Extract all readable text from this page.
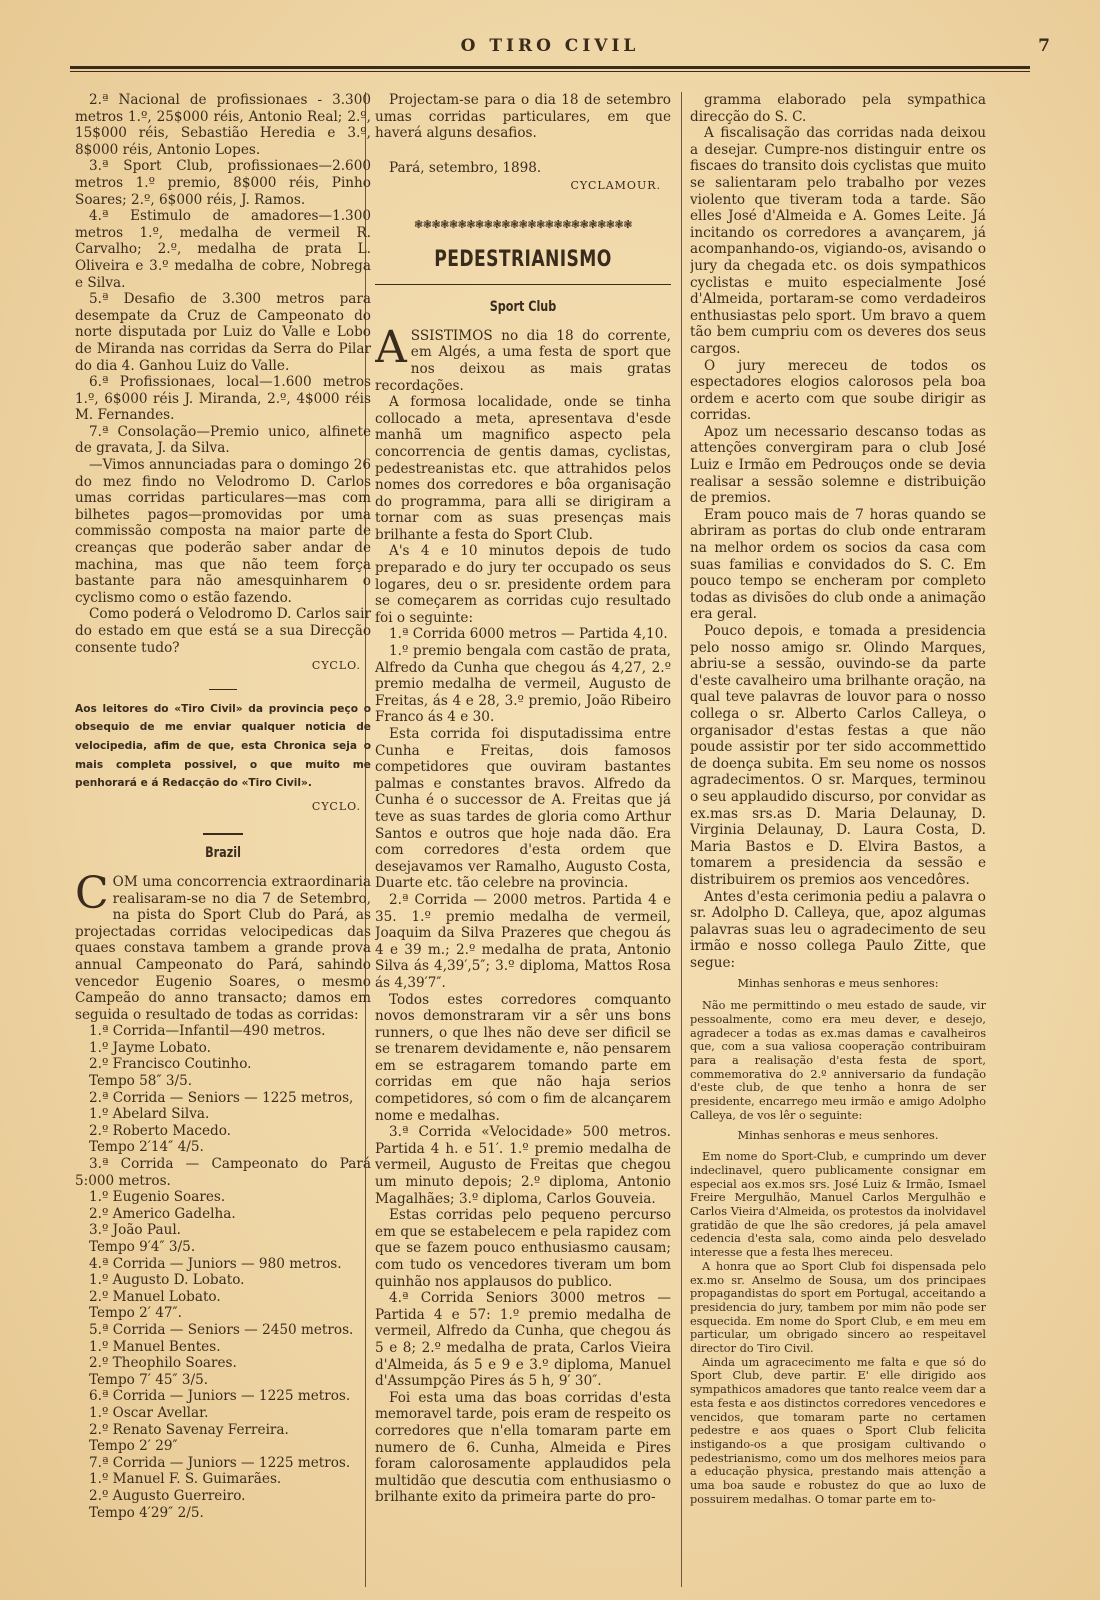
O TIRO CIVIL	7

2.ª Nacional de profissionaes - 3.300 metros 1.º, 25$000 réis, Antonio Real; 2.º, 15$000 réis, Sebastião Heredia e 3.º, 8$000 réis, Antonio Lopes.

3.ª Sport Club, profissionaes—2.600 metros 1.º premio, 8$000 réis, Pinho Soares; 2.º, 6$000 réis, J. Ramos.

4.ª Estimulo de amadores—1.300 metros 1.º, medalha de vermeil R. Carvalho; 2.º, medalha de prata L. Oliveira e 3.º medalha de cobre, Nobrega e Silva.

5.ª Desafio de 3.300 metros para desempate da Cruz de Campeonato do norte disputada por Luiz do Valle e Lobo de Miranda nas corridas da Serra do Pilar do dia 4. Ganhou Luiz do Valle.

6.ª Profissionaes, local—1.600 metros 1.º, 6$000 réis J. Miranda, 2.º, 4$000 réis M. Fernandes.

7.ª Consolação—Premio unico, alfinete de gravata, J. da Silva.

—Vimos annunciadas para o domingo 26 do mez findo no Velodromo D. Carlos umas corridas particulares—mas com bilhetes pagos—promovidas por uma commissão composta na maior parte de creanças que poderão saber andar de machina, mas que não teem força bastante para não amesquinharem o cyclismo como o estão fazendo.

Como poderá o Velodromo D. Carlos sair do estado em que está se a sua Direcção consente tudo?

CYCLO.
Aos leitores do «Tiro Civil» da provincia peço o obsequio de me enviar qualquer noticia de velocipedia, afim de que, esta Chronica seja o mais completa possivel, o que muito me penhorará e á Redacção do «Tiro Civil».
CYCLO.
Brazil

COM uma concorrencia extraordinaria realisaram-se no dia 7 de Setembro, na pista do Sport Club do Pará, as projectadas corridas velocipedicas das quaes constava tambem a grande prova annual Campeonato do Pará, sahindo vencedor Eugenio Soares, o mesmo Campeão do anno transacto; damos em seguida o resultado de todas as corridas:

1.ª Corrida—Infantil—490 metros.

1.º Jayme Lobato.

2.º Francisco Coutinho.

Tempo 58″ 3/5.

2.ª Corrida — Seniors — 1225 metros,

1.º Abelard Silva.

2.º Roberto Macedo.

Tempo 2′14″ 4/5.

3.ª Corrida — Campeonato do Pará 5:000 metros.

1.º Eugenio Soares.

2.º Americo Gadelha.

3.º João Paul.

Tempo 9′4″ 3/5.

4.ª Corrida — Juniors — 980 metros.

1.º Augusto D. Lobato.

2.º Manuel Lobato.

Tempo 2′ 47″.

5.ª Corrida — Seniors — 2450 metros.

1.º Manuel Bentes.

2.º Theophilo Soares.

Tempo 7′ 45″ 3/5.

6.ª Corrida — Juniors — 1225 metros.

1.º Oscar Avellar.

2.º Renato Savenay Ferreira.

Tempo 2′ 29″

7.ª Corrida — Juniors — 1225 metros.

1.º Manuel F. S. Guimarães.

2.º Augusto Guerreiro.

Tempo 4′29″ 2/5.

Projectam-se para o dia 18 de setembro umas corridas particulares, em que haverá alguns desafios.

Pará, setembro, 1898.

CYCLAMOUR.
❃❃❃❃❃❃❃❃❃❃❃❃❃❃❃❃❃❃❃❃❃❃❃❃❃
PEDESTRIANISMO
Sport Club

ASSISTIMOS no dia 18 do corrente, em Algés, a uma festa de sport que nos deixou as mais gratas recordações.

A formosa localidade, onde se tinha collocado a meta, apresentava d'esde manhã um magnifico aspecto pela concorrencia de gentis damas, cyclistas, pedestreanistas etc. que attrahidos pelos nomes dos corredores e bôa organisação do programma, para alli se dirigiram a tornar com as suas presenças mais brilhante a festa do Sport Club.

A's 4 e 10 minutos depois de tudo preparado e do jury ter occupado os seus logares, deu o sr. presidente ordem para se começarem as corridas cujo resultado foi o seguinte:

1.ª Corrida 6000 metros — Partida 4,10.

1.º premio bengala com castão de prata, Alfredo da Cunha que chegou ás 4,27, 2.º premio medalha de vermeil, Augusto de Freitas, ás 4 e 28, 3.º premio, João Ribeiro Franco ás 4 e 30.

Esta corrida foi disputadissima entre Cunha e Freitas, dois famosos competidores que ouviram bastantes palmas e constantes bravos. Alfredo da Cunha é o successor de A. Freitas que já teve as suas tardes de gloria como Arthur Santos e outros que hoje nada dão. Era com corredores d'esta ordem que desejavamos ver Ramalho, Augusto Costa, Duarte etc. tão celebre na provincia.

2.ª Corrida — 2000 metros. Partida 4 e 35. 1.º premio medalha de vermeil, Joaquim da Silva Prazeres que chegou ás 4 e 39 m.; 2.º medalha de prata, Antonio Silva ás 4,39′,5″; 3.º diploma, Mattos Rosa ás 4,39′7″.

Todos estes corredores comquanto novos demonstraram vir a sêr uns bons runners, o que lhes não deve ser dificil se se trenarem devidamente e, não pensarem em se estragarem tomando parte em corridas em que não haja serios competidores, só com o fim de alcançarem nome e medalhas.

3.ª Corrida «Velocidade» 500 metros. Partida 4 h. e 51′. 1.º premio medalha de vermeil, Augusto de Freitas que chegou um minuto depois; 2.º diploma, Antonio Magalhães; 3.º diploma, Carlos Gouveia.

Estas corridas pelo pequeno percurso em que se estabelecem e pela rapidez com que se fazem pouco enthusiasmo causam; com tudo os vencedores tiveram um bom quinhão nos applausos do publico.

4.ª Corrida Seniors 3000 metros — Partida 4 e 57: 1.º premio medalha de vermeil, Alfredo da Cunha, que chegou ás 5 e 8; 2.º medalha de prata, Carlos Vieira d'Almeida, ás 5 e 9 e 3.º diploma, Manuel d'Assumpção Pires ás 5 h, 9′ 30″.

Foi esta uma das boas corridas d'esta memoravel tarde, pois eram de respeito os corredores que n'ella tomaram parte em numero de 6. Cunha, Almeida e Pires foram calorosamente applaudidos pela multidão que descutia com enthusiasmo o brilhante exito da primeira parte do pro-

gramma elaborado pela sympathica direcção do S. C.

A fiscalisação das corridas nada deixou a desejar. Cumpre-nos distinguir entre os fiscaes do transito dois cyclistas que muito se salientaram pelo trabalho por vezes violento que tiveram toda a tarde. São elles José d'Almeida e A. Gomes Leite. Já incitando os corredores a avançarem, já acompanhando-os, vigiando-os, avisando o jury da chegada etc. os dois sympathicos cyclistas e muito especialmente José d'Almeida, portaram-se como verdadeiros enthusiastas pelo sport. Um bravo a quem tão bem cumpriu com os deveres dos seus cargos.

O jury mereceu de todos os espectadores elogios calorosos pela boa ordem e acerto com que soube dirigir as corridas.

Apoz um necessario descanso todas as attenções convergiram para o club José Luiz e Irmão em Pedrouços onde se devia realisar a sessão solemne e distribuição de premios.

Eram pouco mais de 7 horas quando se abriram as portas do club onde entraram na melhor ordem os socios da casa com suas familias e convidados do S. C. Em pouco tempo se encheram por completo todas as divisões do club onde a animação era geral.

Pouco depois, e tomada a presidencia pelo nosso amigo sr. Olindo Marques, abriu-se a sessão, ouvindo-se da parte d'este cavalheiro uma brilhante oração, na qual teve palavras de louvor para o nosso collega o sr. Alberto Carlos Calleya, o organisador d'estas festas a que não poude assistir por ter sido accommettido de doença subita. Em seu nome os nossos agradecimentos. O sr. Marques, terminou o seu applaudido discurso, por convidar as ex.mas srs.as D. Maria Delaunay, D. Virginia Delaunay, D. Laura Costa, D. Maria Bastos e D. Elvira Bastos, a tomarem a presidencia da sessão e distribuirem os premios aos vencedôres.

Antes d'esta cerimonia pediu a palavra o sr. Adolpho D. Calleya, que, apoz algumas palavras suas leu o agradecimento de seu irmão e nosso collega Paulo Zitte, que segue:

Minhas senhoras e meus senhores:

Não me permittindo o meu estado de saude, vir pessoalmente, como era meu dever, e desejo, agradecer a todas as ex.mas damas e cavalheiros que, com a sua valiosa cooperação contribuiram para a realisação d'esta festa de sport, commemorativa do 2.º anniversario da fundação d'este club, de que tenho a honra de ser presidente, encarrego meu irmão e amigo Adolpho Calleya, de vos lêr o seguinte:

Minhas senhoras e meus senhores.

Em nome do Sport-Club, e cumprindo um dever indeclinavel, quero publicamente consignar em especial aos ex.mos srs. José Luiz & Irmão, Ismael Freire Mergulhão, Manuel Carlos Mergulhão e Carlos Vieira d'Almeida, os protestos da inolvidavel gratidão de que lhe são credores, já pela amavel cedencia d'esta sala, como ainda pelo desvelado interesse que a festa lhes mereceu.

A honra que ao Sport Club foi dispensada pelo ex.mo sr. Anselmo de Sousa, um dos principaes propagandistas do sport em Portugal, acceitando a presidencia do jury, tambem por mim não pode ser esquecida. Em nome do Sport Club, e em meu em particular, um obrigado sincero ao respeitavel director do Tiro Civil.

Ainda um agracecimento me falta e que só do Sport Club, deve partir. E' elle dirigido aos sympathicos amadores que tanto realce veem dar a esta festa e aos distinctos corredores vencedores e vencidos, que tomaram parte no certamen pedestre e aos quaes o Sport Club felicita instigando-os a que prosigam cultivando o pedestrianismo, como um dos melhores meios para a educação physica, prestando mais attenção a uma boa saude e robustez do que ao luxo de possuirem medalhas. O tomar parte em to-
